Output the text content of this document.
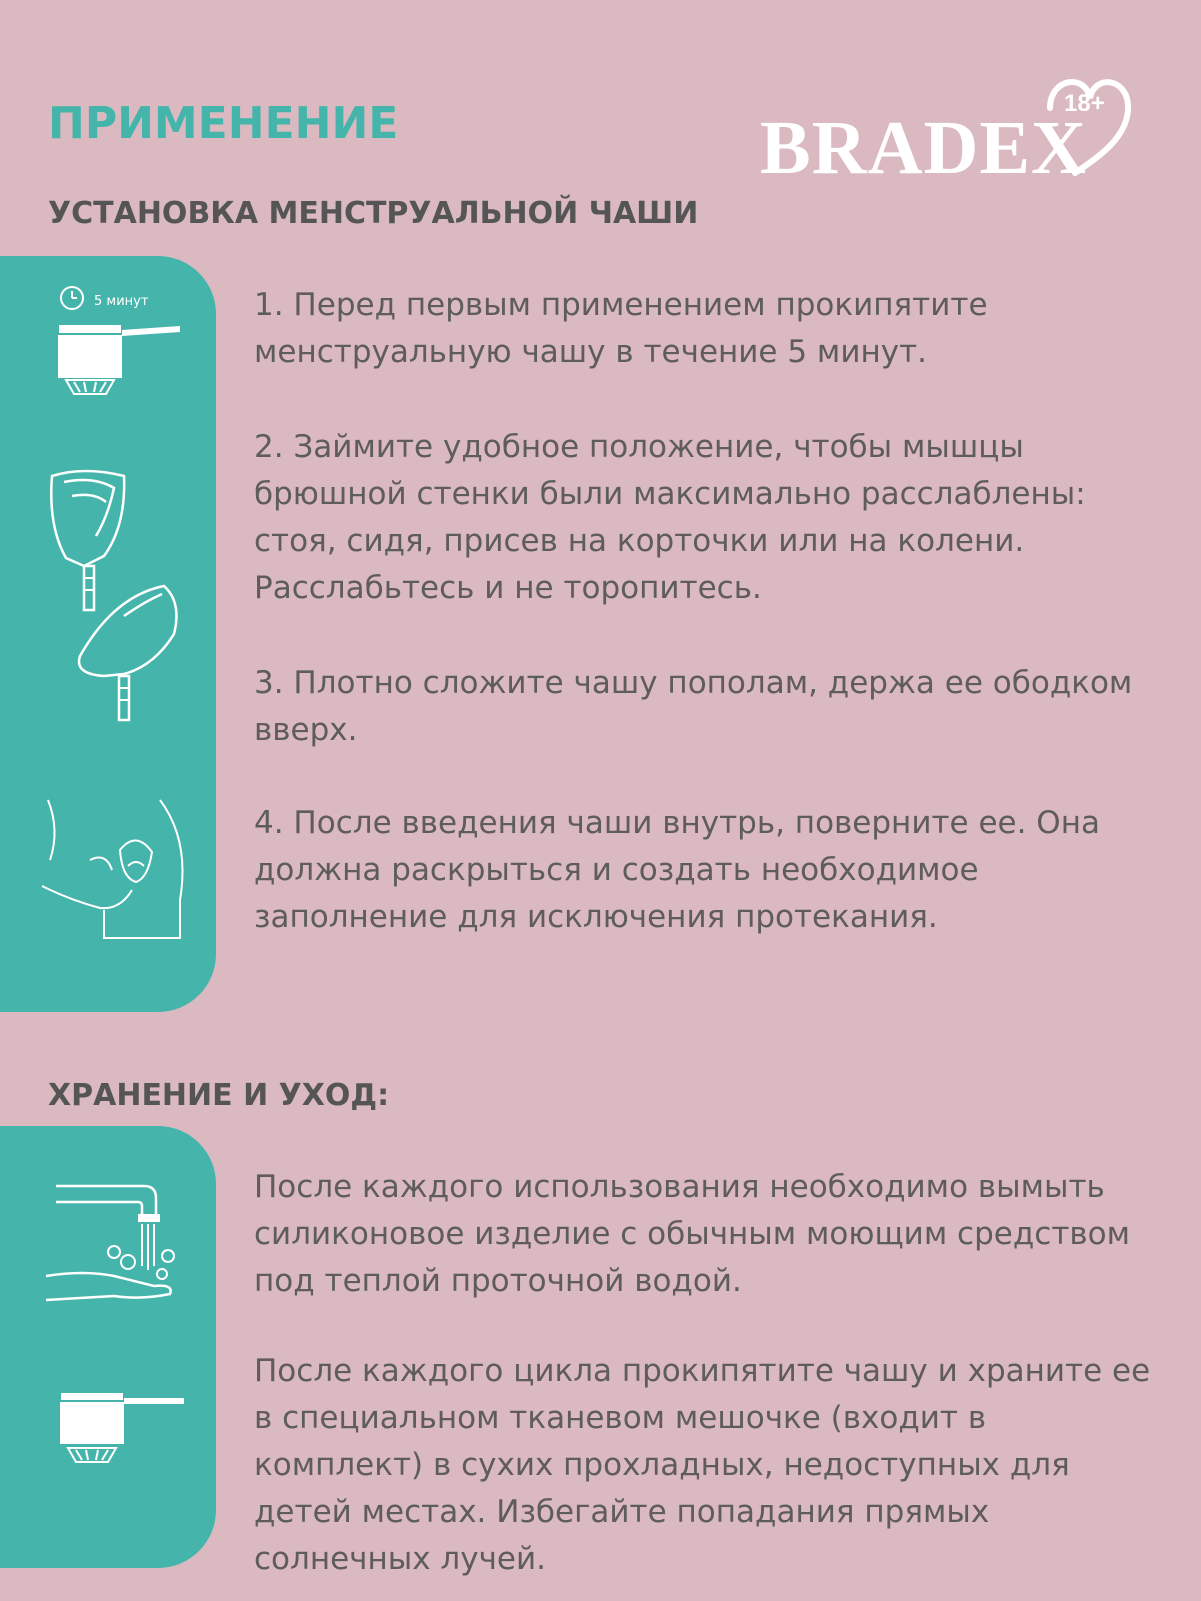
ПРИМЕНЕНИЕ	BRADEX
18+
УСТАНОВКА МЕНСТРУАЛЬНОЙ ЧАШИ
5 минут	1. Перед первым применением прокипятите менструальную чашу в течение 5 минут.

2. Займите удобное положение, чтобы мышцы брюшной стенки были максимально расслаблены: стоя, сидя, присев на корточки или на колени. Расслабьтесь и не торопитесь.

3. Плотно сложите чашу пополам, держа ее ободком вверх.

4. После введения чаши внутрь, поверните ее. Она должна раскрыться и создать необходимое заполнение для исключения протекания.

ХРАНЕНИЕ И УХОД:

После каждого использования необходимо вымыть силиконовое изделие с обычным моющим средством под теплой проточной водой.

После каждого цикла прокипятите чашу и храните ее в специальном тканевом мешочке (входит в комплект) в сухих прохладных, недоступных для детей местах. Избегайте попадания прямых солнечных лучей.
